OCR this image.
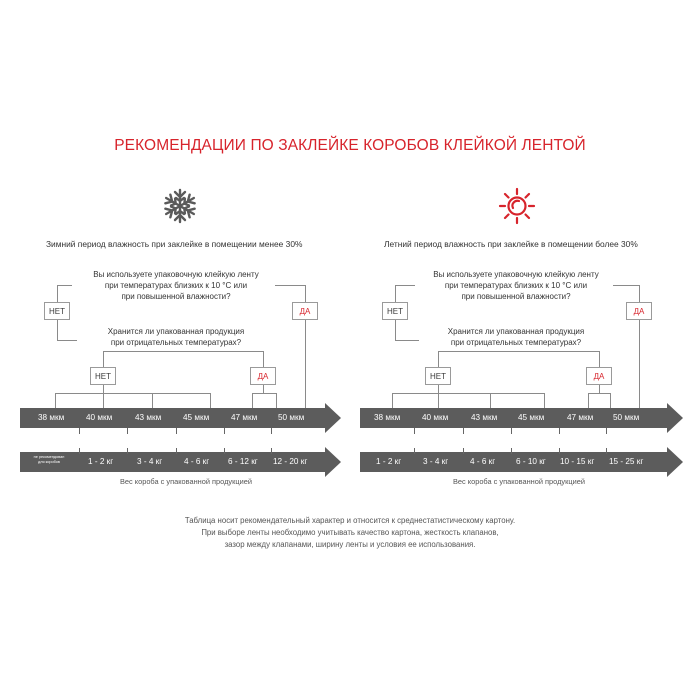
РЕКОМЕНДАЦИИ ПО ЗАКЛЕЙКЕ КОРОБОВ КЛЕЙКОЙ ЛЕНТОЙ
Зимний период влажность при заклейке в помещении менее 30%
Вы используете упаковочную клейкую ленту
при температурах близких к 10 °С или
при повышенной влажности?
НЕТ	ДА
Хранится ли упакованная продукция
при отрицательных температурах?
НЕТ	ДА
38 мкм	40 мкм	43 мкм	45 мкм	47 мкм	50 мкм
не рекомендован
для коробов	1 - 2 кг	3 - 4 кг	4 - 6 кг 6 - 12 кг 12 - 20 кг
Вес короба с упакованной продукцией
Летний период влажность при заклейке в помещении более 30%
Вы используете упаковочную клейкую ленту
при температурах близких к 10 °С или
при повышенной влажности?
НЕТ	ДА
Хранится ли упакованная продукция
при отрицательных температурах?
НЕТ	ДА
38 мкм	40 мкм	43 мкм	45 мкм	47 мкм 50 мкм
1 - 2 кг	3 - 4 кг	4 - 6 кг	6 - 10 кг 10 - 15 кг 15 - 25 кг
Вес короба с упакованной продукцией
Таблица носит рекомендательный характер и относится к среднестатистическому картону.
При выборе ленты необходимо учитывать качество картона, жесткость клапанов,
зазор между клапанами, ширину ленты и условия ее использования.
